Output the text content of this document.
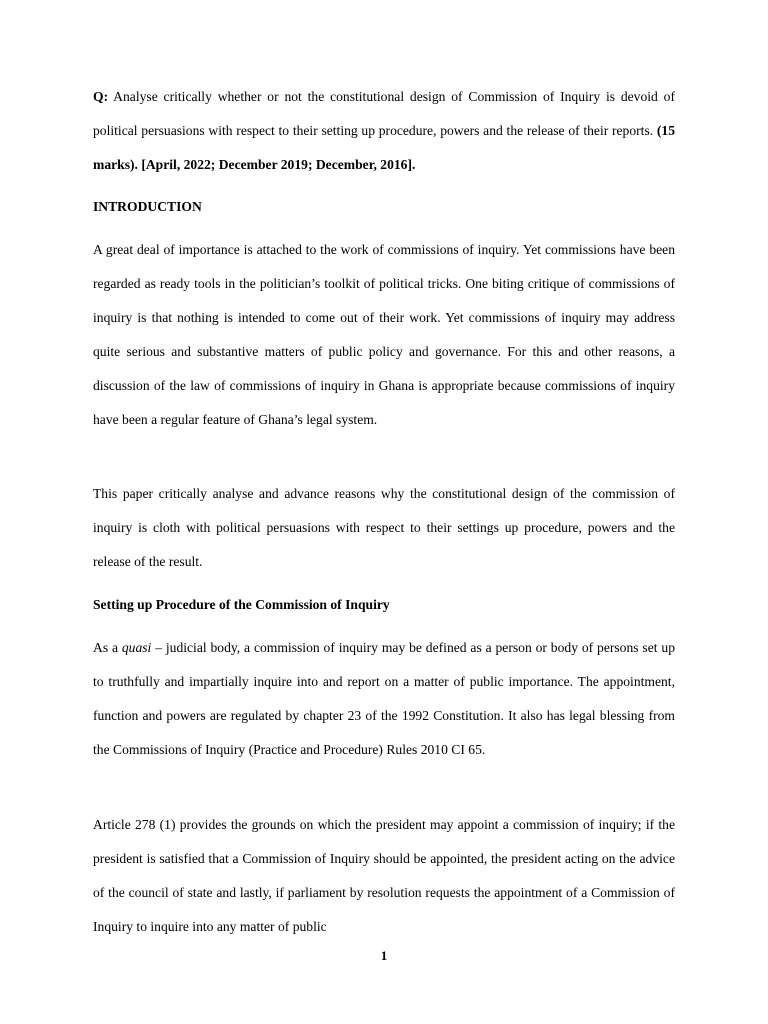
Q: Analyse critically whether or not the constitutional design of Commission of Inquiry is devoid of political persuasions with respect to their setting up procedure, powers and the release of their reports. (15 marks). [April, 2022; December 2019; December, 2016].

INTRODUCTION

A great deal of importance is attached to the work of commissions of inquiry. Yet commissions have been regarded as ready tools in the politician’s toolkit of political tricks. One biting critique of commissions of inquiry is that nothing is intended to come out of their work. Yet commissions of inquiry may address quite serious and substantive matters of public policy and governance. For this and other reasons, a discussion of the law of commissions of inquiry in Ghana is appropriate because commissions of inquiry have been a regular feature of Ghana’s legal system.

This paper critically analyse and advance reasons why the constitutional design of the commission of inquiry is cloth with political persuasions with respect to their settings up procedure, powers and the release of the result.

Setting up Procedure of the Commission of Inquiry

As a quasi – judicial body, a commission of inquiry may be defined as a person or body of persons set up to truthfully and impartially inquire into and report on a matter of public importance. The appointment, function and powers are regulated by chapter 23 of the 1992 Constitution. It also has legal blessing from the Commissions of Inquiry (Practice and Procedure) Rules 2010 CI 65.

Article 278 (1) provides the grounds on which the president may appoint a commission of inquiry; if the president is satisfied that a Commission of Inquiry should be appointed, the president acting on the advice of the council of state and lastly, if parliament by resolution requests the appointment of a Commission of Inquiry to inquire into any matter of public

1
